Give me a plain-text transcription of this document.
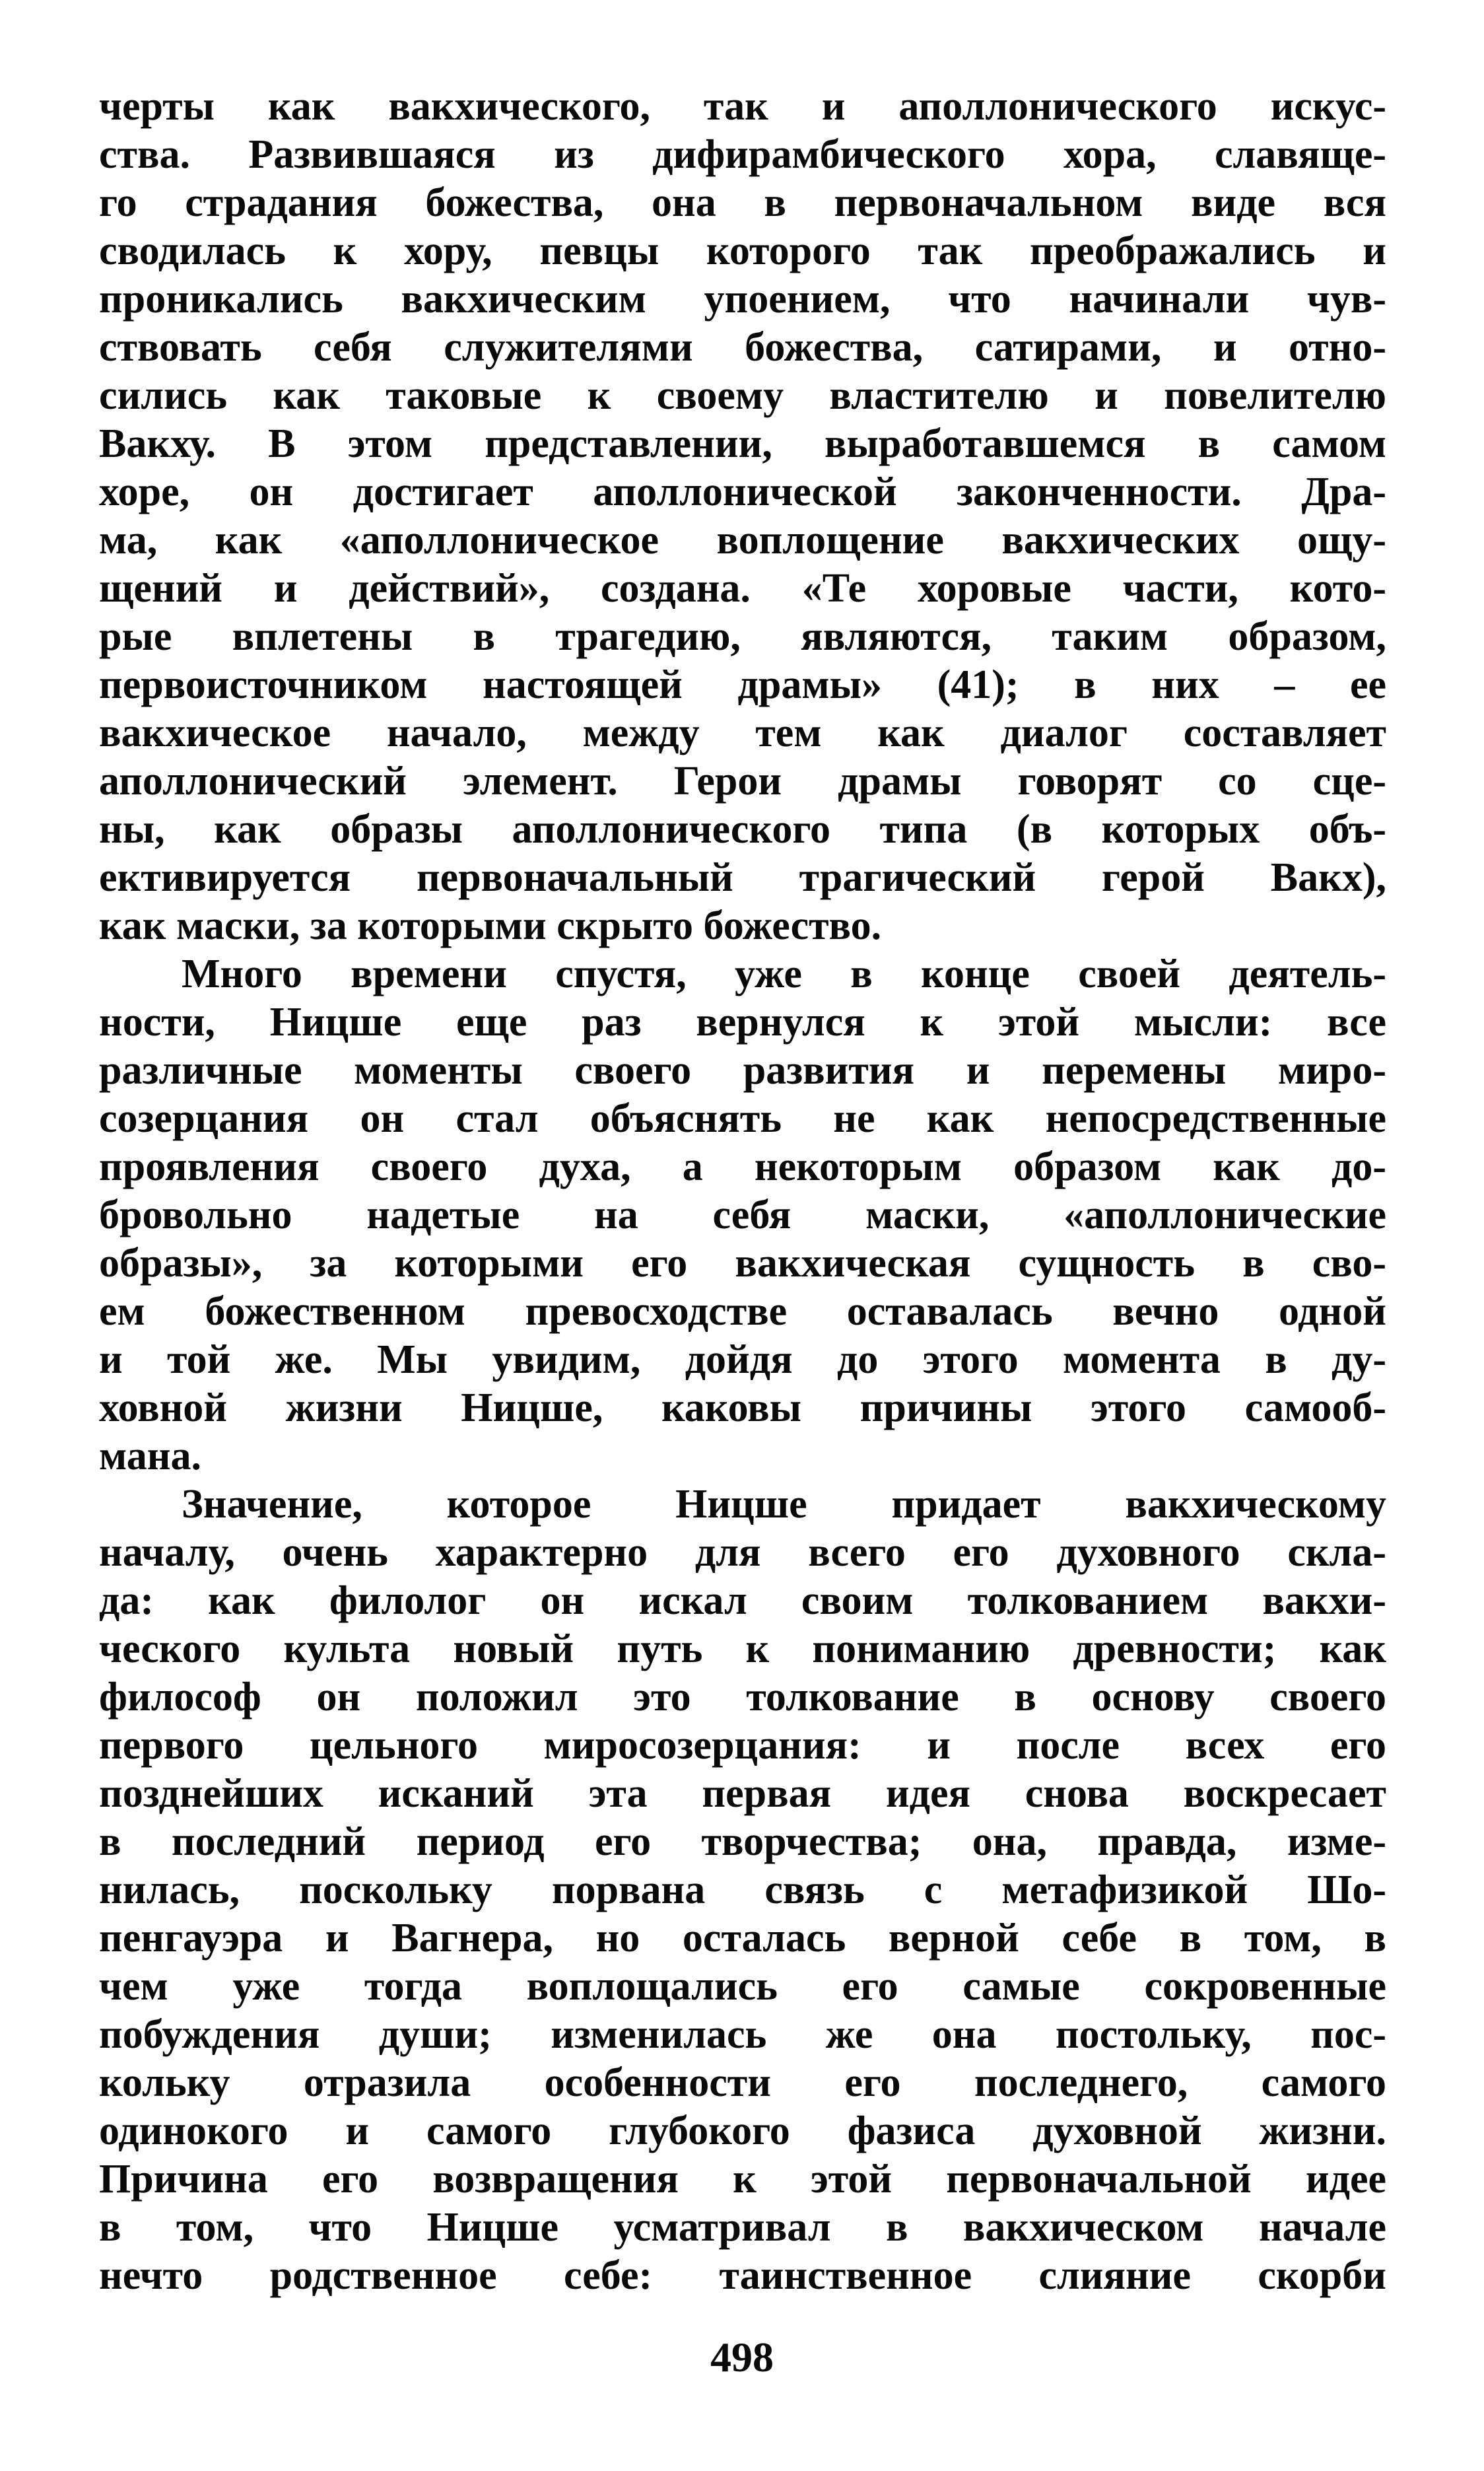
черты как вакхического, так и аполлонического искус-
ства. Развившаяся из дифирамбического хора, славяще-
го страдания божества, она в первоначальном виде вся
сводилась к хору, певцы которого так преображались и
проникались вакхическим упоением, что начинали чув-
ствовать себя служителями божества, сатирами, и отно-
сились как таковые к своему властителю и повелителю
Вакху. В этом представлении, выработавшемся в самом
хоре, он достигает аполлонической законченности. Дра-
ма, как «аполлоническое воплощение вакхических ощу-
щений и действий», создана. «Те хоровые части, кото-
рые вплетены в трагедию, являются, таким образом,
первоисточником настоящей драмы» (41); в них – ее
вакхическое начало, между тем как диалог составляет
аполлонический элемент. Герои драмы говорят со сце-
ны, как образы аполлонического типа (в которых объ-
ективируется первоначальный трагический герой Вакх),
как маски, за которыми скрыто божество.
Много времени спустя, уже в конце своей деятель-
ности, Ницше еще раз вернулся к этой мысли: все
различные моменты своего развития и перемены миро-
созерцания он стал объяснять не как непосредственные
проявления своего духа, а некоторым образом как до-
бровольно надетые на себя маски, «аполлонические
образы», за которыми его вакхическая сущность в сво-
ем божественном превосходстве оставалась вечно одной
и той же. Мы увидим, дойдя до этого момента в ду-
ховной жизни Ницше, каковы причины этого самооб-
мана.
Значение, которое Ницше придает вакхическому
началу, очень характерно для всего его духовного скла-
да: как филолог он искал своим толкованием вакхи-
ческого культа новый путь к пониманию древности; как
философ он положил это толкование в основу своего
первого цельного миросозерцания: и после всех его
позднейших исканий эта первая идея снова воскресает
в последний период его творчества; она, правда, изме-
нилась, поскольку порвана связь с метафизикой Шо-
пенгауэра и Вагнера, но осталась верной себе в том, в
чем уже тогда воплощались его самые сокровенные
побуждения души; изменилась же она постольку, пос-
кольку отразила особенности его последнего, самого
одинокого и самого глубокого фазиса духовной жизни.
Причина его возвращения к этой первоначальной идее
в том, что Ницше усматривал в вакхическом начале
нечто родственное себе: таинственное слияние скорби
498
